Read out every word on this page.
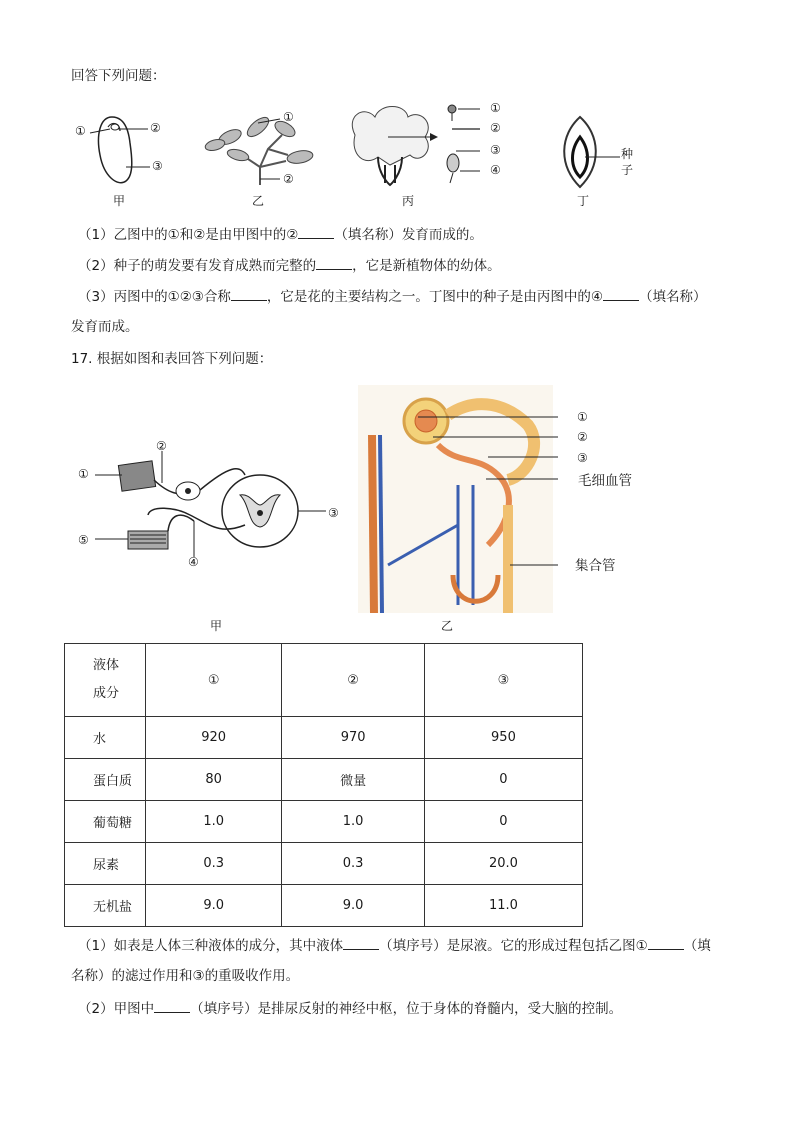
回答下列问题：
①	②
③
甲
①
②
乙
①
②
③
④
丙
种
子
丁
（1）乙图中的①和②是由甲图中的②	（填名称）发育而成的。
（2）种子的萌发要有发育成熟而完整的	，它是新植物体的幼体。
（3）丙图中的①②③合称	，它是花的主要结构之一。丁图中的种子是由丙图中的④	（填名称）
发育而成。
17. 根据如图和表回答下列问题：
①
②
③
④
⑤
甲
①
②
③
毛细血管
集合管
乙
液体
成分	①	②	③
水	920	970	950
蛋白质	80	微量	0
葡萄糖	1.0	1.0	0
尿素	0.3	0.3	20.0
无机盐	9.0	9.0	11.0
（1）如表是人体三种液体的成分，其中液体	（填序号）是尿液。它的形成过程包括乙图①	（填
名称）的滤过作用和③的重吸收作用。
（2）甲图中	（填序号）是排尿反射的神经中枢，位于身体的脊髓内，受大脑的控制。
